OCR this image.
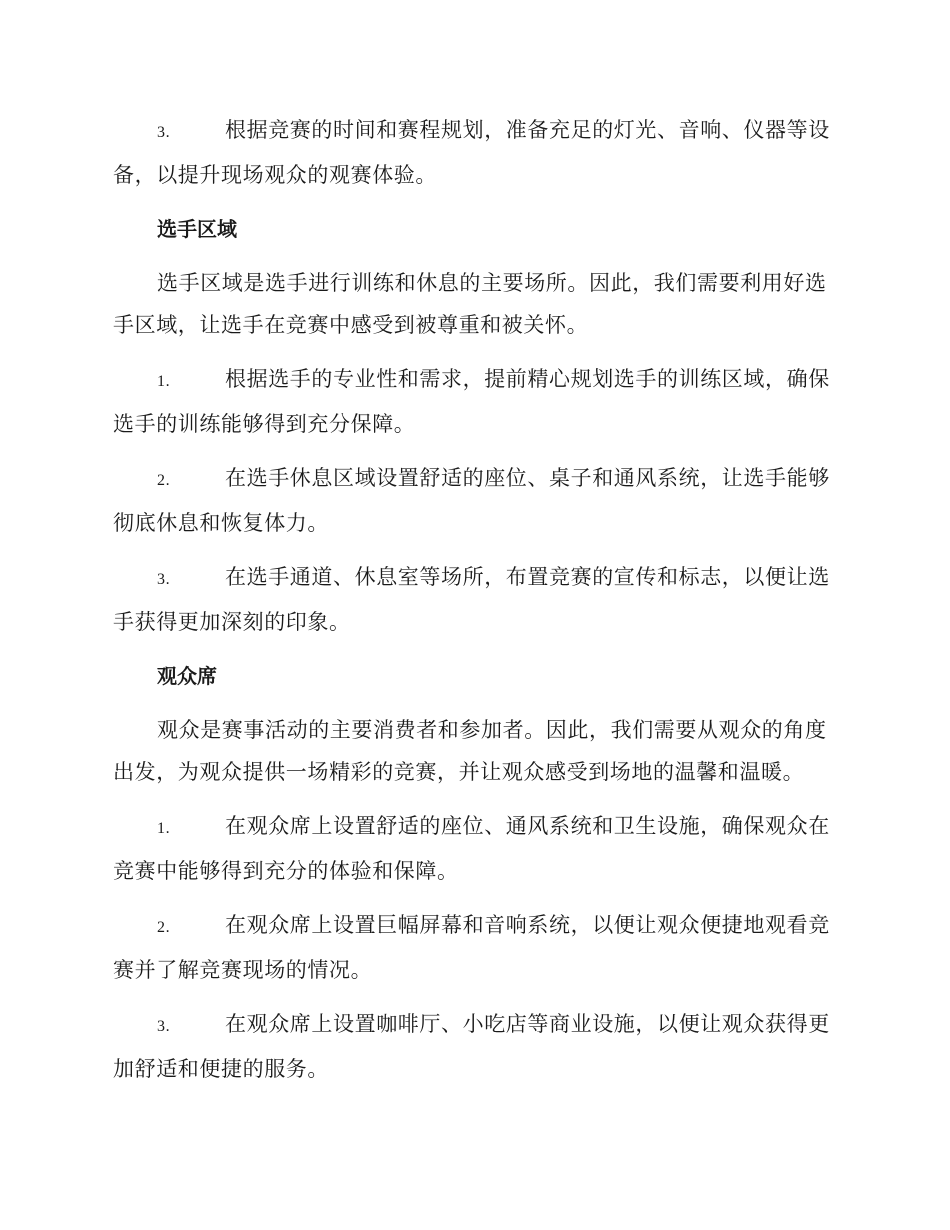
3.	根据竞赛的时间和赛程规划，准备充足的灯光、音响、仪器等设备，以提升现场观众的观赛体验。

选手区域

选手区域是选手进行训练和休息的主要场所。因此，我们需要利用好选手区域，让选手在竞赛中感受到被尊重和被关怀。

1.	根据选手的专业性和需求，提前精心规划选手的训练区域，确保选手的训练能够得到充分保障。

2.	在选手休息区域设置舒适的座位、桌子和通风系统，让选手能够彻底休息和恢复体力。

3.	在选手通道、休息室等场所，布置竞赛的宣传和标志，以便让选手获得更加深刻的印象。

观众席

观众是赛事活动的主要消费者和参加者。因此，我们需要从观众的角度出发，为观众提供一场精彩的竞赛，并让观众感受到场地的温馨和温暖。

1.	在观众席上设置舒适的座位、通风系统和卫生设施，确保观众在竞赛中能够得到充分的体验和保障。

2.	在观众席上设置巨幅屏幕和音响系统，以便让观众便捷地观看竞赛并了解竞赛现场的情况。

3.	在观众席上设置咖啡厅、小吃店等商业设施，以便让观众获得更加舒适和便捷的服务。
